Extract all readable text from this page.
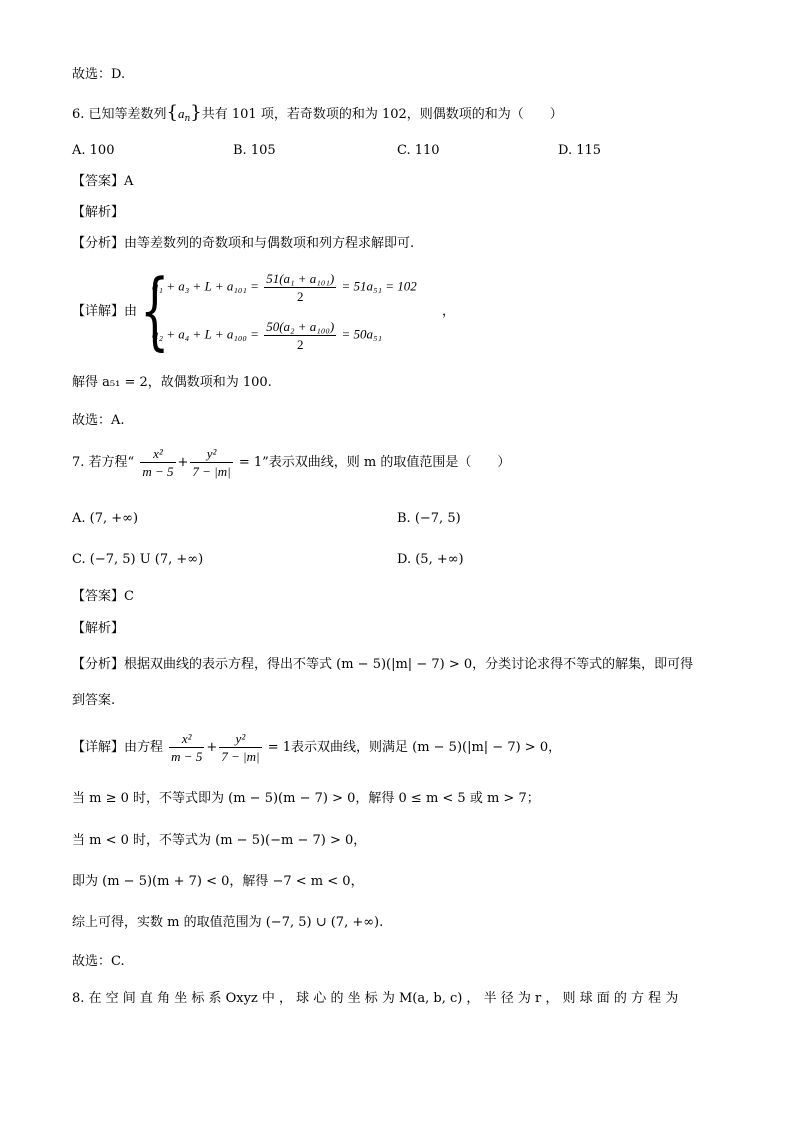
故选：D.
6. 已知等差数列$\{a_n\}$共有 101 项，若奇数项的和为 102，则偶数项的和为（　　）
A. 100	B. 105	C. 110	D. 115
【答案】A
【解析】
【分析】由等差数列的奇数项和与偶数项和列方程求解即可.
【详解】由 {
$a_1 + a_3 + L + a_{101} = \frac{\text{51(a₁ + a₁₀₁)}}{2} = 51a_{51} = 102$
$a_2 + a_4 + L + a_{100} = \frac{\text{50(a₂ + a₁₀₀)}}{2} = 50a_{51}$
，
解得 a₅₁ = 2，故偶数项和为 100.
故选：A.
7. 若方程“ $\frac{\text{x²}}{m - 5} + \frac{\text{y²}}{7 - |m|} = 1$”表示双曲线，则 m 的取值范围是（　　）
A. (7, +∞)	B. (−7, 5)
C. (−7, 5) U (7, +∞)	D. (5, +∞)
【答案】C
【解析】
【分析】根据双曲线的表示方程，得出不等式 (m − 5)(|m| − 7) > 0，分类讨论求得不等式的解集，即可得
到答案.
【详解】由方程 $\frac{\text{x²}}{m - 5} + \frac{\text{y²}}{7 - |m|} = 1$表示双曲线，则满足 (m − 5)(|m| − 7) > 0，
当 m ≥ 0 时，不等式即为 (m − 5)(m − 7) > 0，解得 0 ≤ m < 5 或 m > 7；
当 m < 0 时，不等式为 (m − 5)(−m − 7) > 0，
即为 (m − 5)(m + 7) < 0，解得 −7 < m < 0，
综上可得，实数 m 的取值范围为 (−7, 5) ∪ (7, +∞).
故选：C.
8. 在 空 间 直 角 坐 标 系 Oxyz 中 ， 球 心 的 坐 标 为 M(a, b, c) ， 半 径 为 r ， 则 球 面 的 方 程 为
